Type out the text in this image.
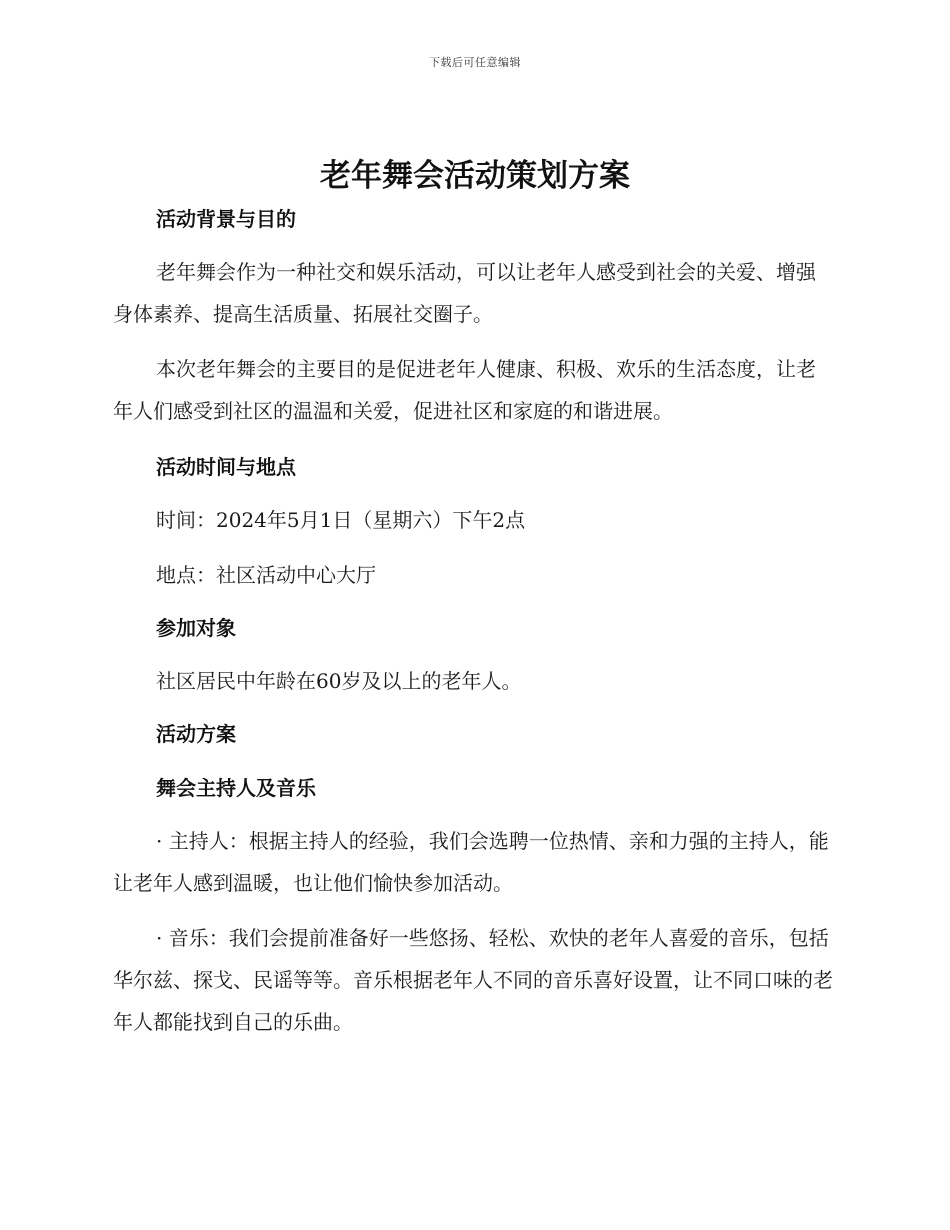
下载后可任意编辑
老年舞会活动策划方案
活动背景与目的

老年舞会作为一种社交和娱乐活动，可以让老年人感受到社会的关爱、增强身体素养、提高生活质量、拓展社交圈子。

本次老年舞会的主要目的是促进老年人健康、积极、欢乐的生活态度，让老年人们感受到社区的温温和关爱，促进社区和家庭的和谐进展。

活动时间与地点

时间：2024年5月1日（星期六）下午2点

地点：社区活动中心大厅

参加对象

社区居民中年龄在60岁及以上的老年人。

活动方案
舞会主持人及音乐

· 主持人：根据主持人的经验，我们会选聘一位热情、亲和力强的主持人，能让老年人感到温暖，也让他们愉快参加活动。

· 音乐：我们会提前准备好一些悠扬、轻松、欢快的老年人喜爱的音乐，包括华尔兹、探戈、民谣等等。音乐根据老年人不同的音乐喜好设置，让不同口味的老年人都能找到自己的乐曲。
